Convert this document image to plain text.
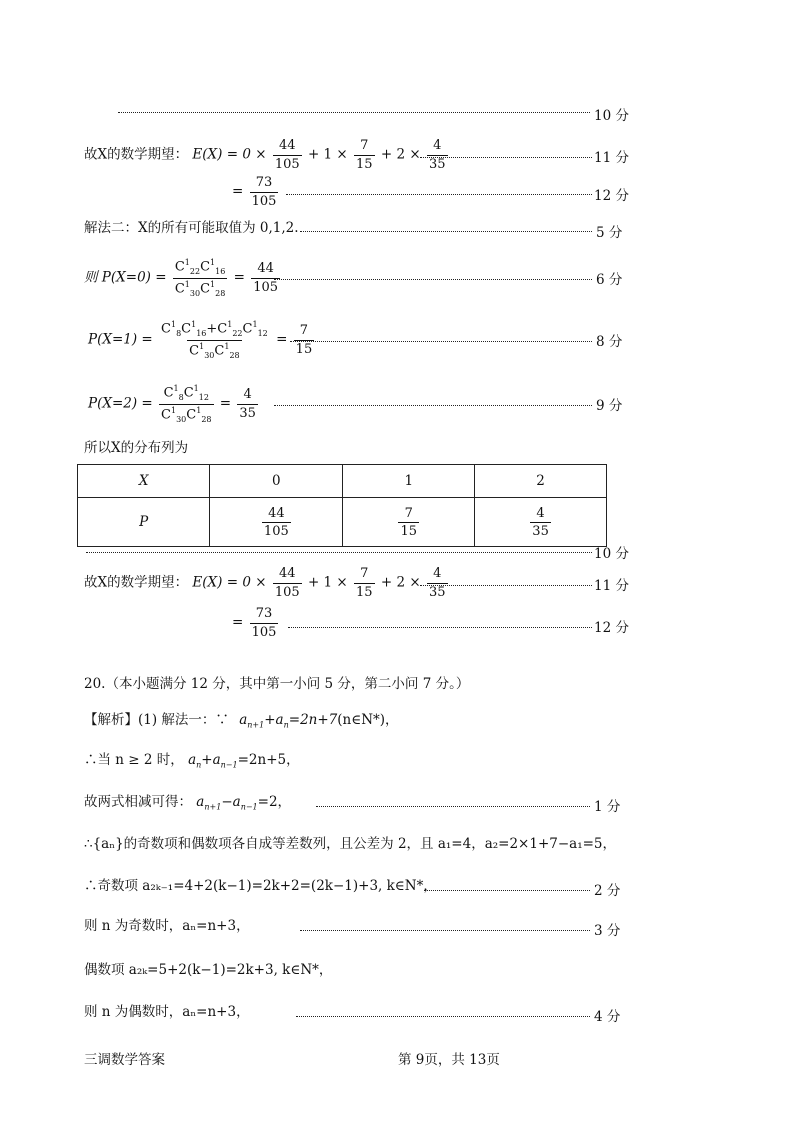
10 分
故X的数学期望： $E(X) = 0 \times \frac{44}{105} + 1 \times \frac{7}{15} + 2 \times \frac{4}{35}$	11 分
= $\frac{73}{105}$	12 分
解法二：X的所有可能取值为 0,1,2.	5 分
则 $P(X=0) = \frac{C^1_{22}C^1_{16}}{C^1_{30}C^1_{28}} = \frac{44}{105}$	6 分
$P(X=1) = \frac{C^1_8C^1_{16}+C^1_{22}C^1_{12}}{C^1_{30}C^1_{28}} = \frac{7}{15}$	8 分
$P(X=2) = \frac{C^1_8C^1_{12}}{C^1_{30}C^1_{28}} = \frac{4}{35}$	9 分
所以X的分布列为
X	0	1	2
P	$\frac{44}{105}$	$\frac{7}{15}$	$\frac{4}{35}$
10 分
故X的数学期望： $E(X) = 0 \times \frac{44}{105} + 1 \times \frac{7}{15} + 2 \times \frac{4}{35}$	11 分
= $\frac{73}{105}$	12 分
20.（本小题满分 12 分，其中第一小问 5 分，第二小问 7 分。）
【解析】(1) 解法一：∵ $a_{n+1}+a_n=2n+7(n\in N*)$，
∴当 n ≥ 2 时， $a_n+a_{n-1}=2n+5$，
故两式相减可得： $a_{n+1}-a_{n-1}=2$，	1 分
∴{aₙ}的奇数项和偶数项各自成等差数列，且公差为 2，且 a₁=4，a₂=2×1+7−a₁=5，
∴奇数项 a₂ₖ₋₁=4+2(k−1)=2k+2=(2k−1)+3, k∈N*，	2 分
则 n 为奇数时，aₙ=n+3，	3 分
偶数项 a₂ₖ=5+2(k−1)=2k+3, k∈N*，
则 n 为偶数时，aₙ=n+3，	4 分
三调数学答案	第 9页，共 13页
